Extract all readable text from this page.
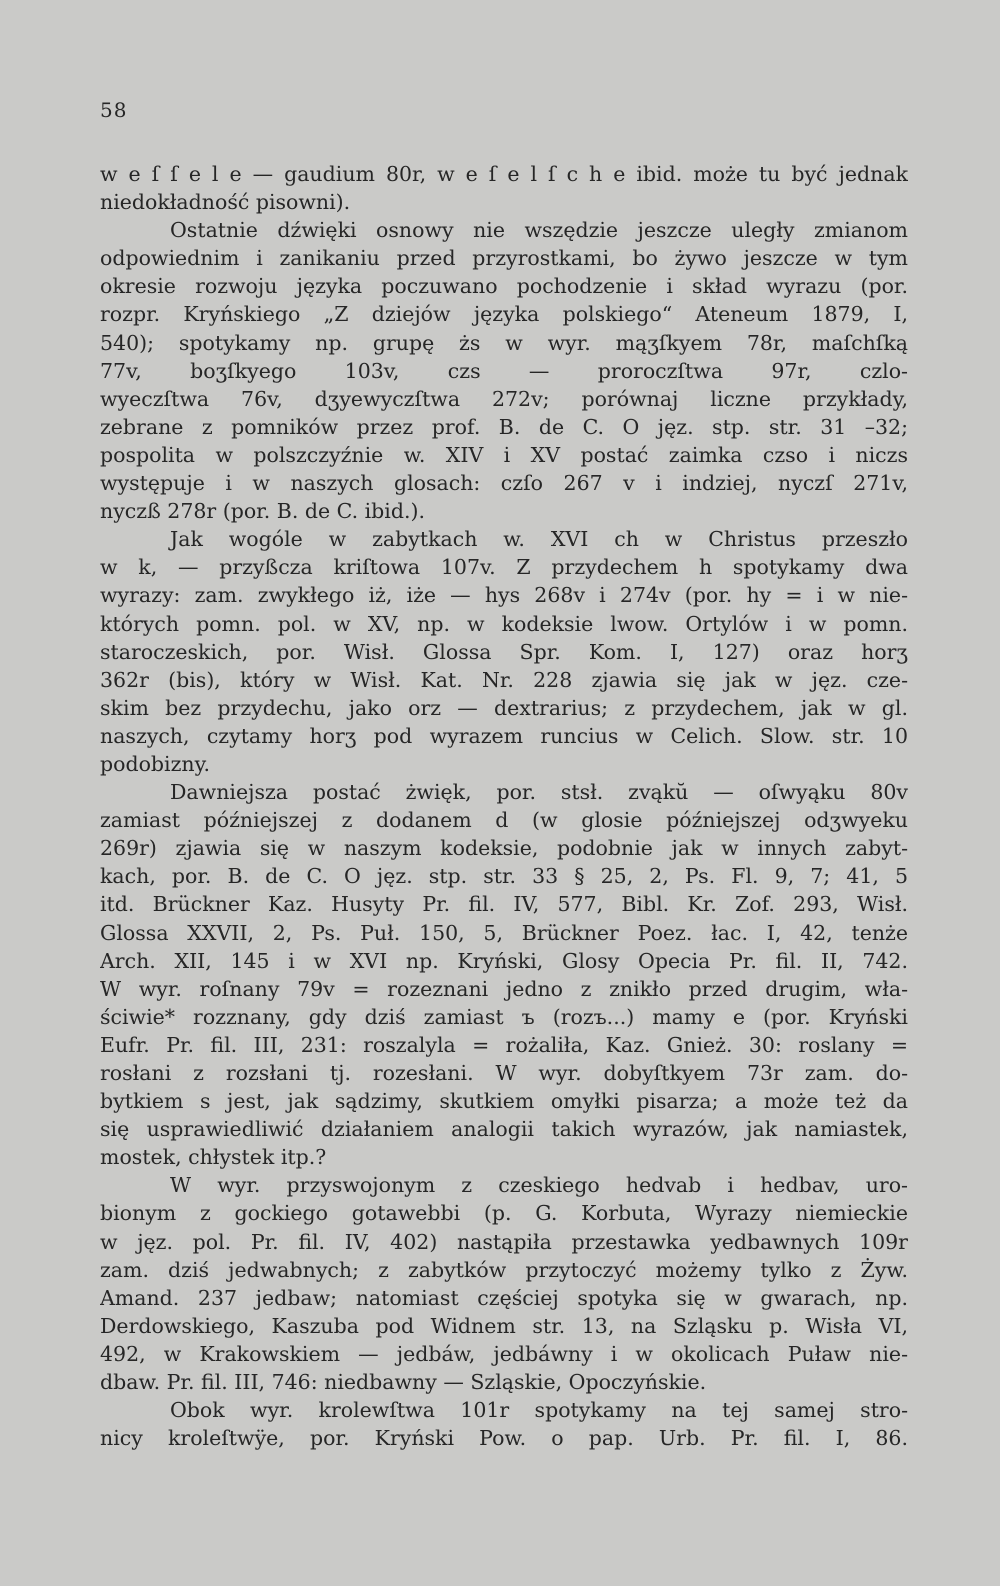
58
w e ſ ſ e l e — gaudium 80r, w e ſ e l ſ c h e ibid. może tu być jednak
niedokładność pisowni).
Ostatnie dźwięki osnowy nie wszędzie jeszcze uległy zmianom
odpowiednim i zanikaniu przed przyrostkami, bo żywo jeszcze w tym
okresie rozwoju języka poczuwano pochodzenie i skład wyrazu (por.
rozpr. Kryńskiego „Z dziejów języka polskiego“ Ateneum 1879, I,
540); spotykamy np. grupę żs w wyr. mąʒſkyem 78r, maſchſką
77v, boʒſkyego 103v, czs — proroczſtwa 97r, czlo-
wyeczſtwa 76v, dʒyewyczſtwa 272v; porównaj liczne przykłady,
zebrane z pomników przez prof. B. de C. O jęz. stp. str. 31 –32;
pospolita w polszczyźnie w. XIV i XV postać zaimka czso i niczs
występuje i w naszych glosach: czſo 267 v i indziej, nyczſ 271v,
nyczß 278r (por. B. de C. ibid.).
Jak wogóle w zabytkach w. XVI ch w Christus przeszło
w k, — przyßcza kriſtowa 107v. Z przydechem h spotykamy dwa
wyrazy: zam. zwykłego iż, iże — hys 268v i 274v (por. hy = i w nie-
których pomn. pol. w XV, np. w kodeksie lwow. Ortylów i w pomn.
staroczeskich, por. Wisł. Glossa Spr. Kom. I, 127) oraz horʒ
362r (bis), który w Wisł. Kat. Nr. 228 zjawia się jak w jęz. cze-
skim bez przydechu, jako orz — dextrarius; z przydechem, jak w gl.
naszych, czytamy horʒ pod wyrazem runcius w Celich. Slow. str. 10
podobizny.
Dawniejsza postać żwięk, por. stsł. zvąkŭ — oſwyąku 80v
zamiast późniejszej z dodanem d (w glosie późniejszej odʒwyeku
269r) zjawia się w naszym kodeksie, podobnie jak w innych zabyt-
kach, por. B. de C. O jęz. stp. str. 33 § 25, 2, Ps. Fl. 9, 7; 41, 5
itd. Brückner Kaz. Husyty Pr. fil. IV, 577, Bibl. Kr. Zof. 293, Wisł.
Glossa XXVII, 2, Ps. Puł. 150, 5, Brückner Poez. łac. I, 42, tenże
Arch. XII, 145 i w XVI np. Kryński, Glosy Opecia Pr. fil. II, 742.
W wyr. roſnany 79v = rozeznani jedno z znikło przed drugim, wła-
ściwie* rozznany, gdy dziś zamiast ъ (rozъ...) mamy e (por. Kryński
Eufr. Pr. fil. III, 231: roszalyla = rożaliła, Kaz. Gnież. 30: roslany =
rosłani z rozsłani tj. rozesłani. W wyr. dobyſtkyem 73r zam. do-
bytkiem s jest, jak sądzimy, skutkiem omyłki pisarza; a może też da
się usprawiedliwić działaniem analogii takich wyrazów, jak namiastek,
mostek, chłystek itp.?
W wyr. przyswojonym z czeskiego hedvab i hedbav, uro-
bionym z gockiego gotawebbi (p. G. Korbuta, Wyrazy niemieckie
w jęz. pol. Pr. fil. IV, 402) nastąpiła przestawka yedbawnych 109r
zam. dziś jedwabnych; z zabytków przytoczyć możemy tylko z Żyw.
Amand. 237 jedbaw; natomiast częściej spotyka się w gwarach, np.
Derdowskiego, Kaszuba pod Widnem str. 13, na Szląsku p. Wisła VI,
492, w Krakowskiem — jedbáw, jedbáwny i w okolicach Puław nie-
dbaw. Pr. fil. III, 746: niedbawny — Szląskie, Opoczyńskie.
Obok wyr. krolewſtwa 101r spotykamy na tej samej stro-
nicy kroleſtwÿe, por. Kryński Pow. o pap. Urb. Pr. fil. I, 86.
